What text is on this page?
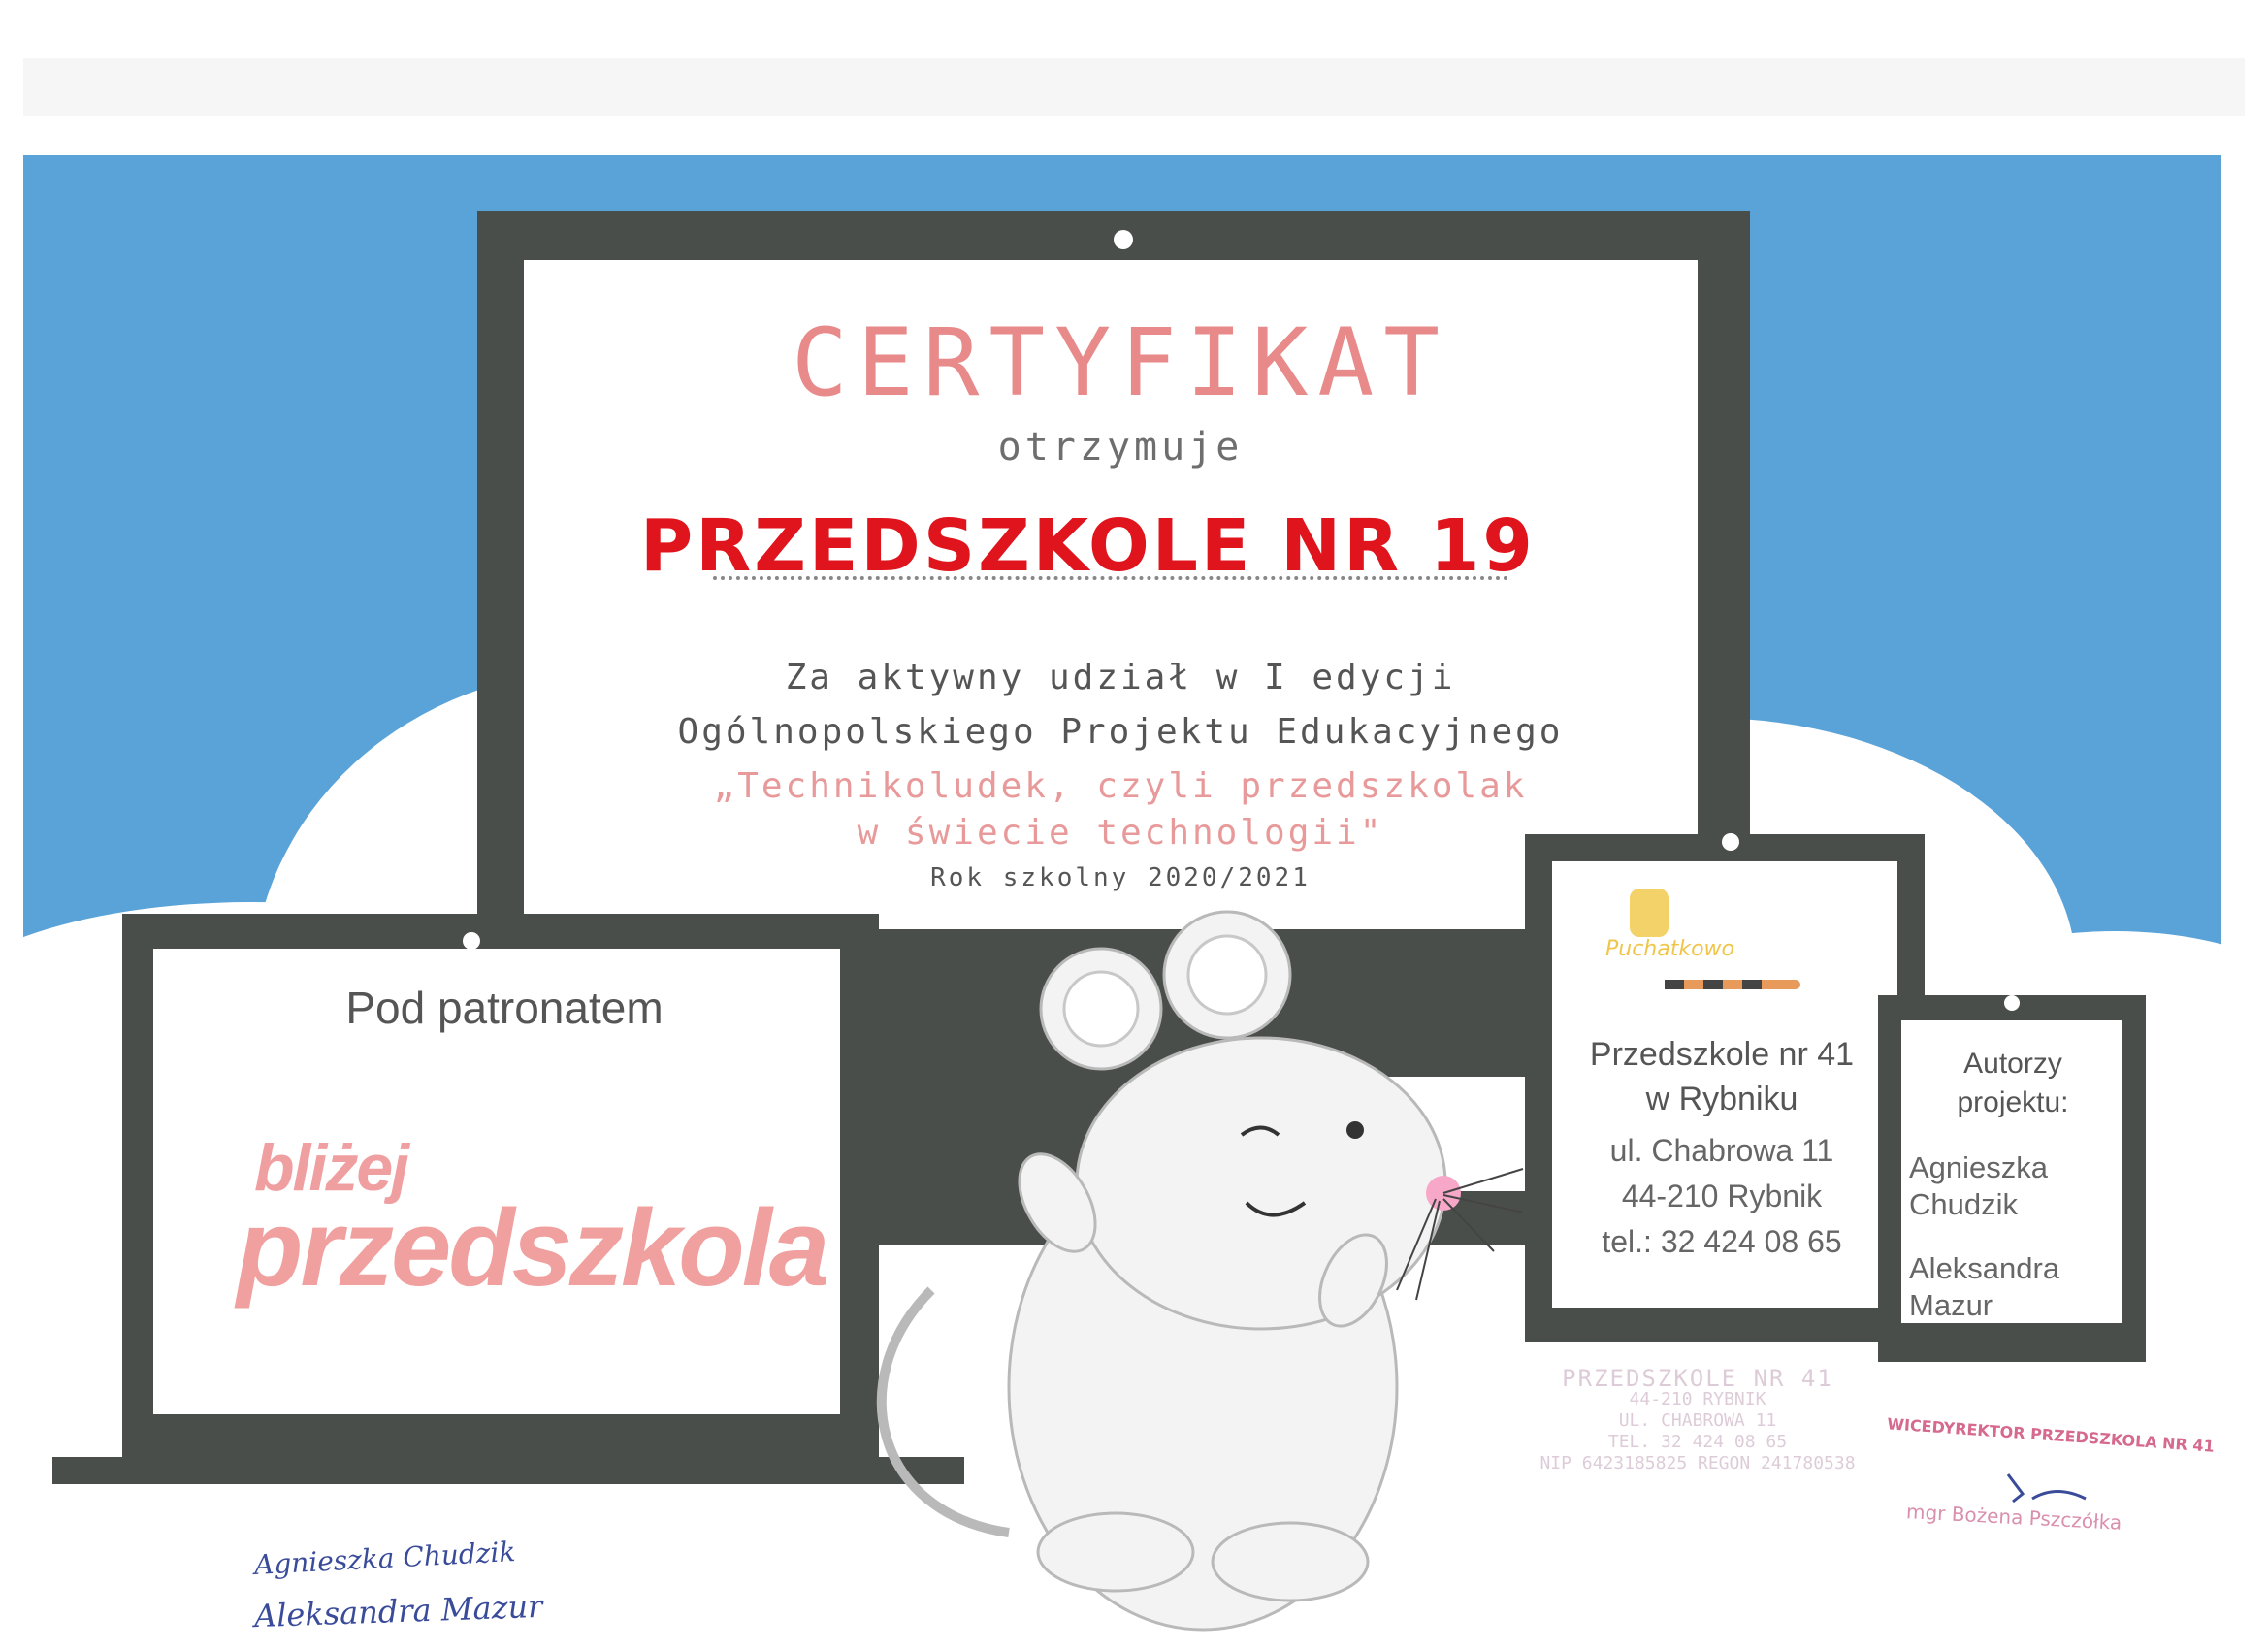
CERTYFIKAT
otrzymuje
PRZEDSZKOLE NR 19
Za aktywny udział w I edycji
Ogólnopolskiego Projektu Edukacyjnego
„Technikoludek, czyli przedszkolak
w świecie technologii"
Rok szkolny 2020/2021
Pod patronatem
bliżej
przedszkola
Puchatkowo
Przedszkole nr 41
w Rybniku
ul. Chabrowa 11
44-210 Rybnik
tel.: 32 424 08 65
Autorzy
projektu:
Agnieszka
Chudzik
Aleksandra
Mazur
PRZEDSZKOLE NR 41
44-210 RYBNIK
UL. CHABROWA 11
TEL. 32 424 08 65
NIP 6423185825 REGON 241780538
WICEDYREKTOR PRZEDSZKOLA NR 41
mgr Bożena Pszczółka
Agnieszka Chudzik
Aleksandra Mazur
